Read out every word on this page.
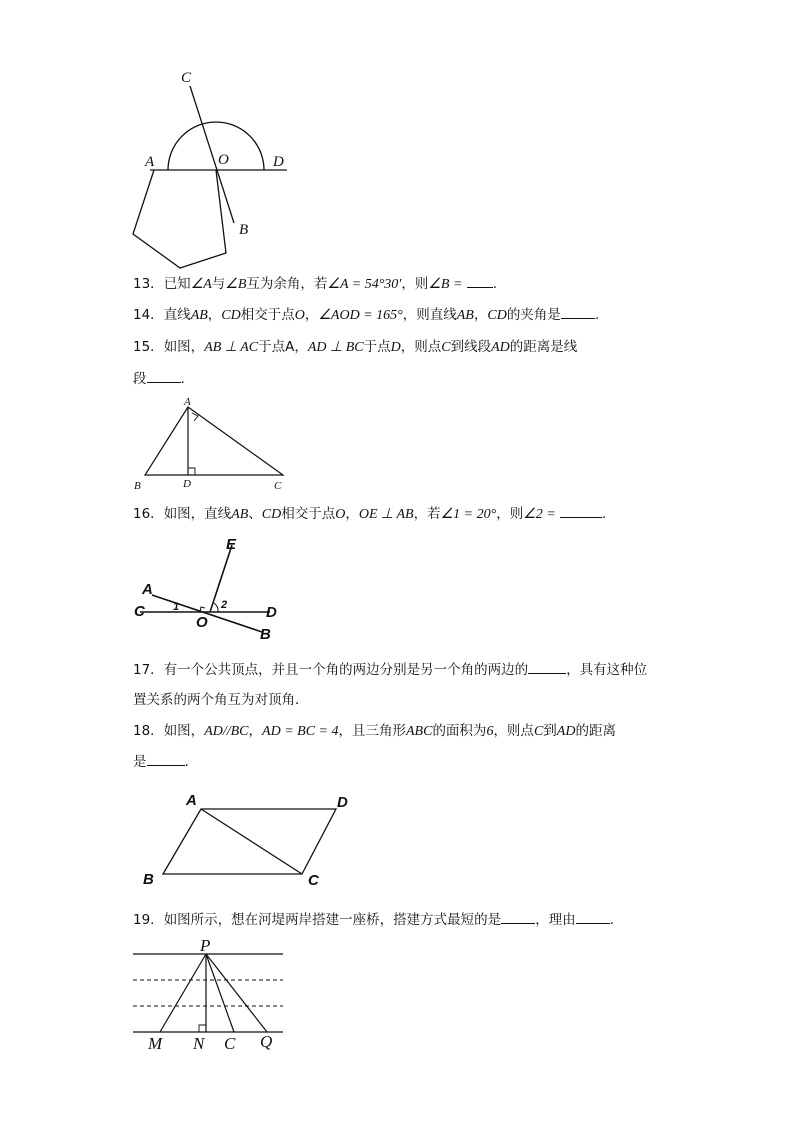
C
A	O	D
B
13．已知∠A与∠B互为余角，若∠A = 54°30′，则∠B = .
14．直线AB，CD相交于点O，∠AOD = 165°，则直线AB，CD的夹角是	.
15．如图，AB ⊥ AC于点A，AD ⊥ BC于点D，则点C到线段AD的距离是线
段	.
A
B	D	C
16．如图，直线AB、CD相交于点O，OE ⊥ AB，若∠1 = 20°，则∠2 =	.
E
A
C	1	2
O
D
B
17．有一个公共顶点，并且一个角的两边分别是另一个角的两边的	，具有这种位
置关系的两个角互为对顶角．
18．如图，AD//BC，AD = BC = 4，且三角形ABC的面积为6，则点C到AD的距离
是	.
A	D
B	C
19．如图所示，想在河堤两岸搭建一座桥，搭建方式最短的是	，理由	.
P
M N C Q
